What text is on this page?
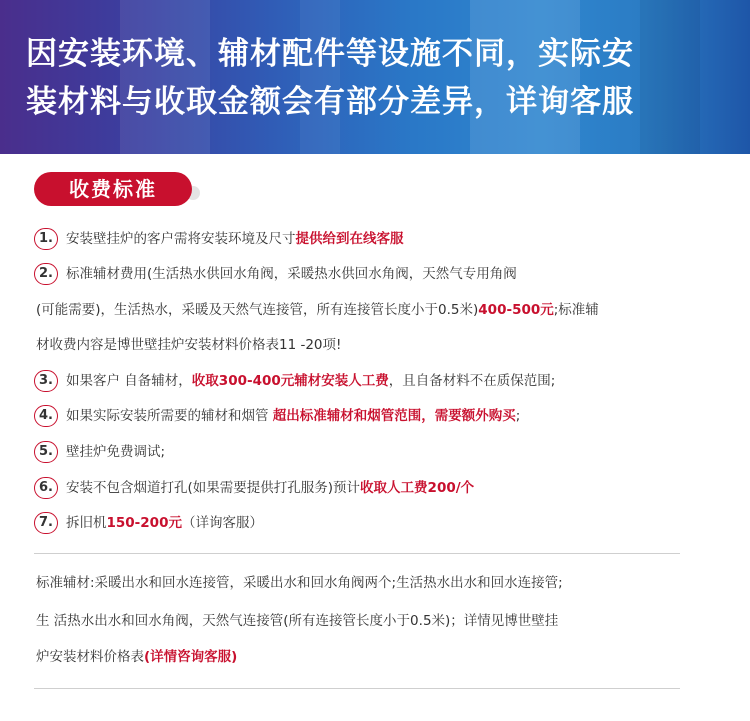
因安装环境、辅材配件等设施不同，实际安
装材料与收取金额会有部分差异，详询客服
收费标准
1. 安装壁挂炉的客户需将安装环境及尺寸提供给到在线客服
2. 标准辅材费用(生活热水供回水角阀，采暖热水供回水角阀，天然气专用角阀
(可能需要)，生活热水，采暖及天然气连接管，所有连接管长度小于0.5米)400-500元;标准辅
材收费内容是博世壁挂炉安装材料价格表11 -20项!
3. 如果客户 自备辅材，收取300-400元辅材安装人工费，且自备材料不在质保范围;
4. 如果实际安装所需要的辅材和烟管 超出标准辅材和烟管范围，需要额外购买;
5. 壁挂炉免费调试;
6. 安装不包含烟道打孔(如果需要提供打孔服务)预计收取人工费200/个
7. 拆旧机150-200元（详询客服）
标准辅材:采暖出水和回水连接管，采暖出水和回水角阀两个;生活热水出水和回水连接管;
生 活热水出水和回水角阀，天然气连接管(所有连接管长度小于0.5米)；详情见博世壁挂
炉安装材料价格表(详情咨询客服)
